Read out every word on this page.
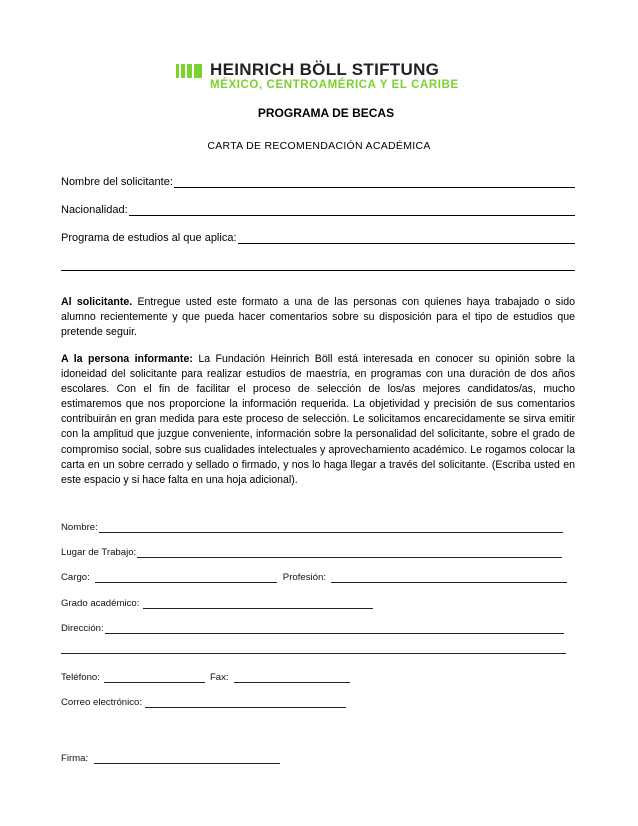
HEINRICH BÖLL STIFTUNG
MÉXICO, CENTROAMÉRICA Y EL CARIBE
PROGRAMA DE BECAS
CARTA DE RECOMENDACIÓN ACADÉMICA
Nombre del solicitante:
Nacionalidad:
Programa de estudios al que aplica:
Al solicitante. Entregue usted este formato a una de las personas con quienes haya trabajado o sido alumno recientemente y que pueda hacer comentarios sobre su disposición para el tipo de estudios que pretende seguir.
A la persona informante: La Fundación Heinrich Böll está interesada en conocer su opinión sobre la idoneidad del solicitante para realizar estudios de maestría, en programas con una duración de dos años escolares. Con el fin de facilitar el proceso de selección de los/as mejores candidatos/as, mucho estimaremos que nos proporcione la información requerida. La objetividad y precisión de sus comentarios contribuirán en gran medida para este proceso de selección. Le solicitamos encarecidamente se sirva emitir con la amplitud que juzgue conveniente, información sobre la personalidad del solicitante, sobre el grado de compromiso social, sobre sus cualidades intelectuales y aprovechamiento académico. Le rogamos colocar la carta en un sobre cerrado y sellado o firmado, y nos lo haga llegar a través del solicitante. (Escriba usted en este espacio y si hace falta en una hoja adicional).
Nombre:
Lugar de Trabajo:
Cargo:	Profesión:
Grado académico:
Dirección:
Teléfono:	Fax:
Correo electrónico:
Firma:
